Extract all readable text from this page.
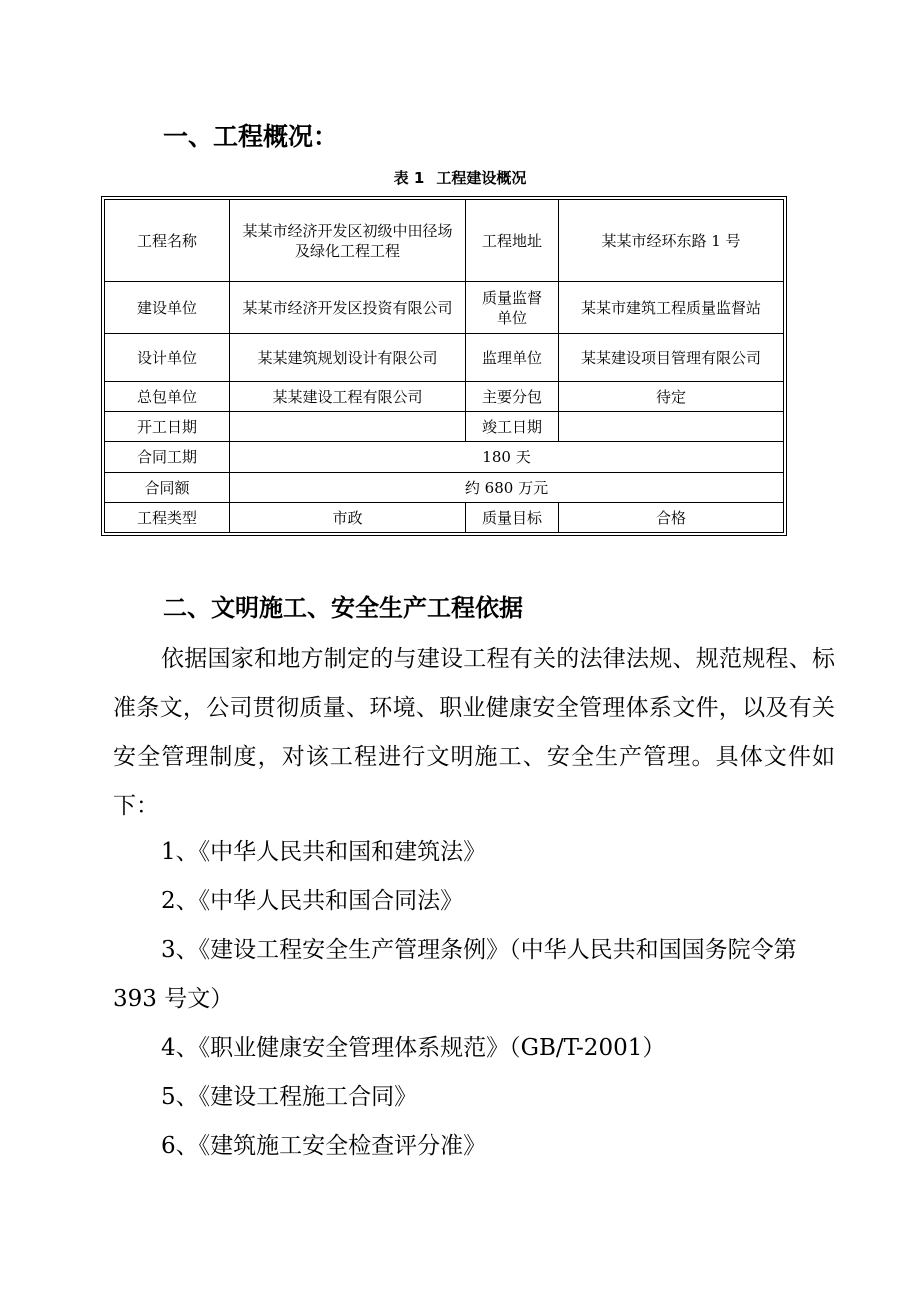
一、工程概况：
表 1 工程建设概况
工程名称	某某市经济开发区初级中田径场及绿化工程工程	工程地址	某某市经环东路 1 号
建设单位	某某市经济开发区投资有限公司	质量监督单位	某某市建筑工程质量监督站
设计单位	某某建筑规划设计有限公司	监理单位	某某建设项目管理有限公司
总包单位	某某建设工程有限公司	主要分包	待定
开工日期		竣工日期	
合同工期	180 天		
合同额	约 680 万元		
工程类型	市政	质量目标	合格
二、文明施工、安全生产工程依据

依据国家和地方制定的与建设工程有关的法律法规、规范规程、标准条文，公司贯彻质量、环境、职业健康安全管理体系文件，以及有关安全管理制度，对该工程进行文明施工、安全生产管理。具体文件如下：

1、《中华人民共和国和建筑法》
2、《中华人民共和国合同法》
3、《建设工程安全生产管理条例》（中华人民共和国国务院令第 393 号文）
4、《职业健康安全管理体系规范》（GB/T-2001）
5、《建设工程施工合同》
6、《建筑施工安全检查评分准》
